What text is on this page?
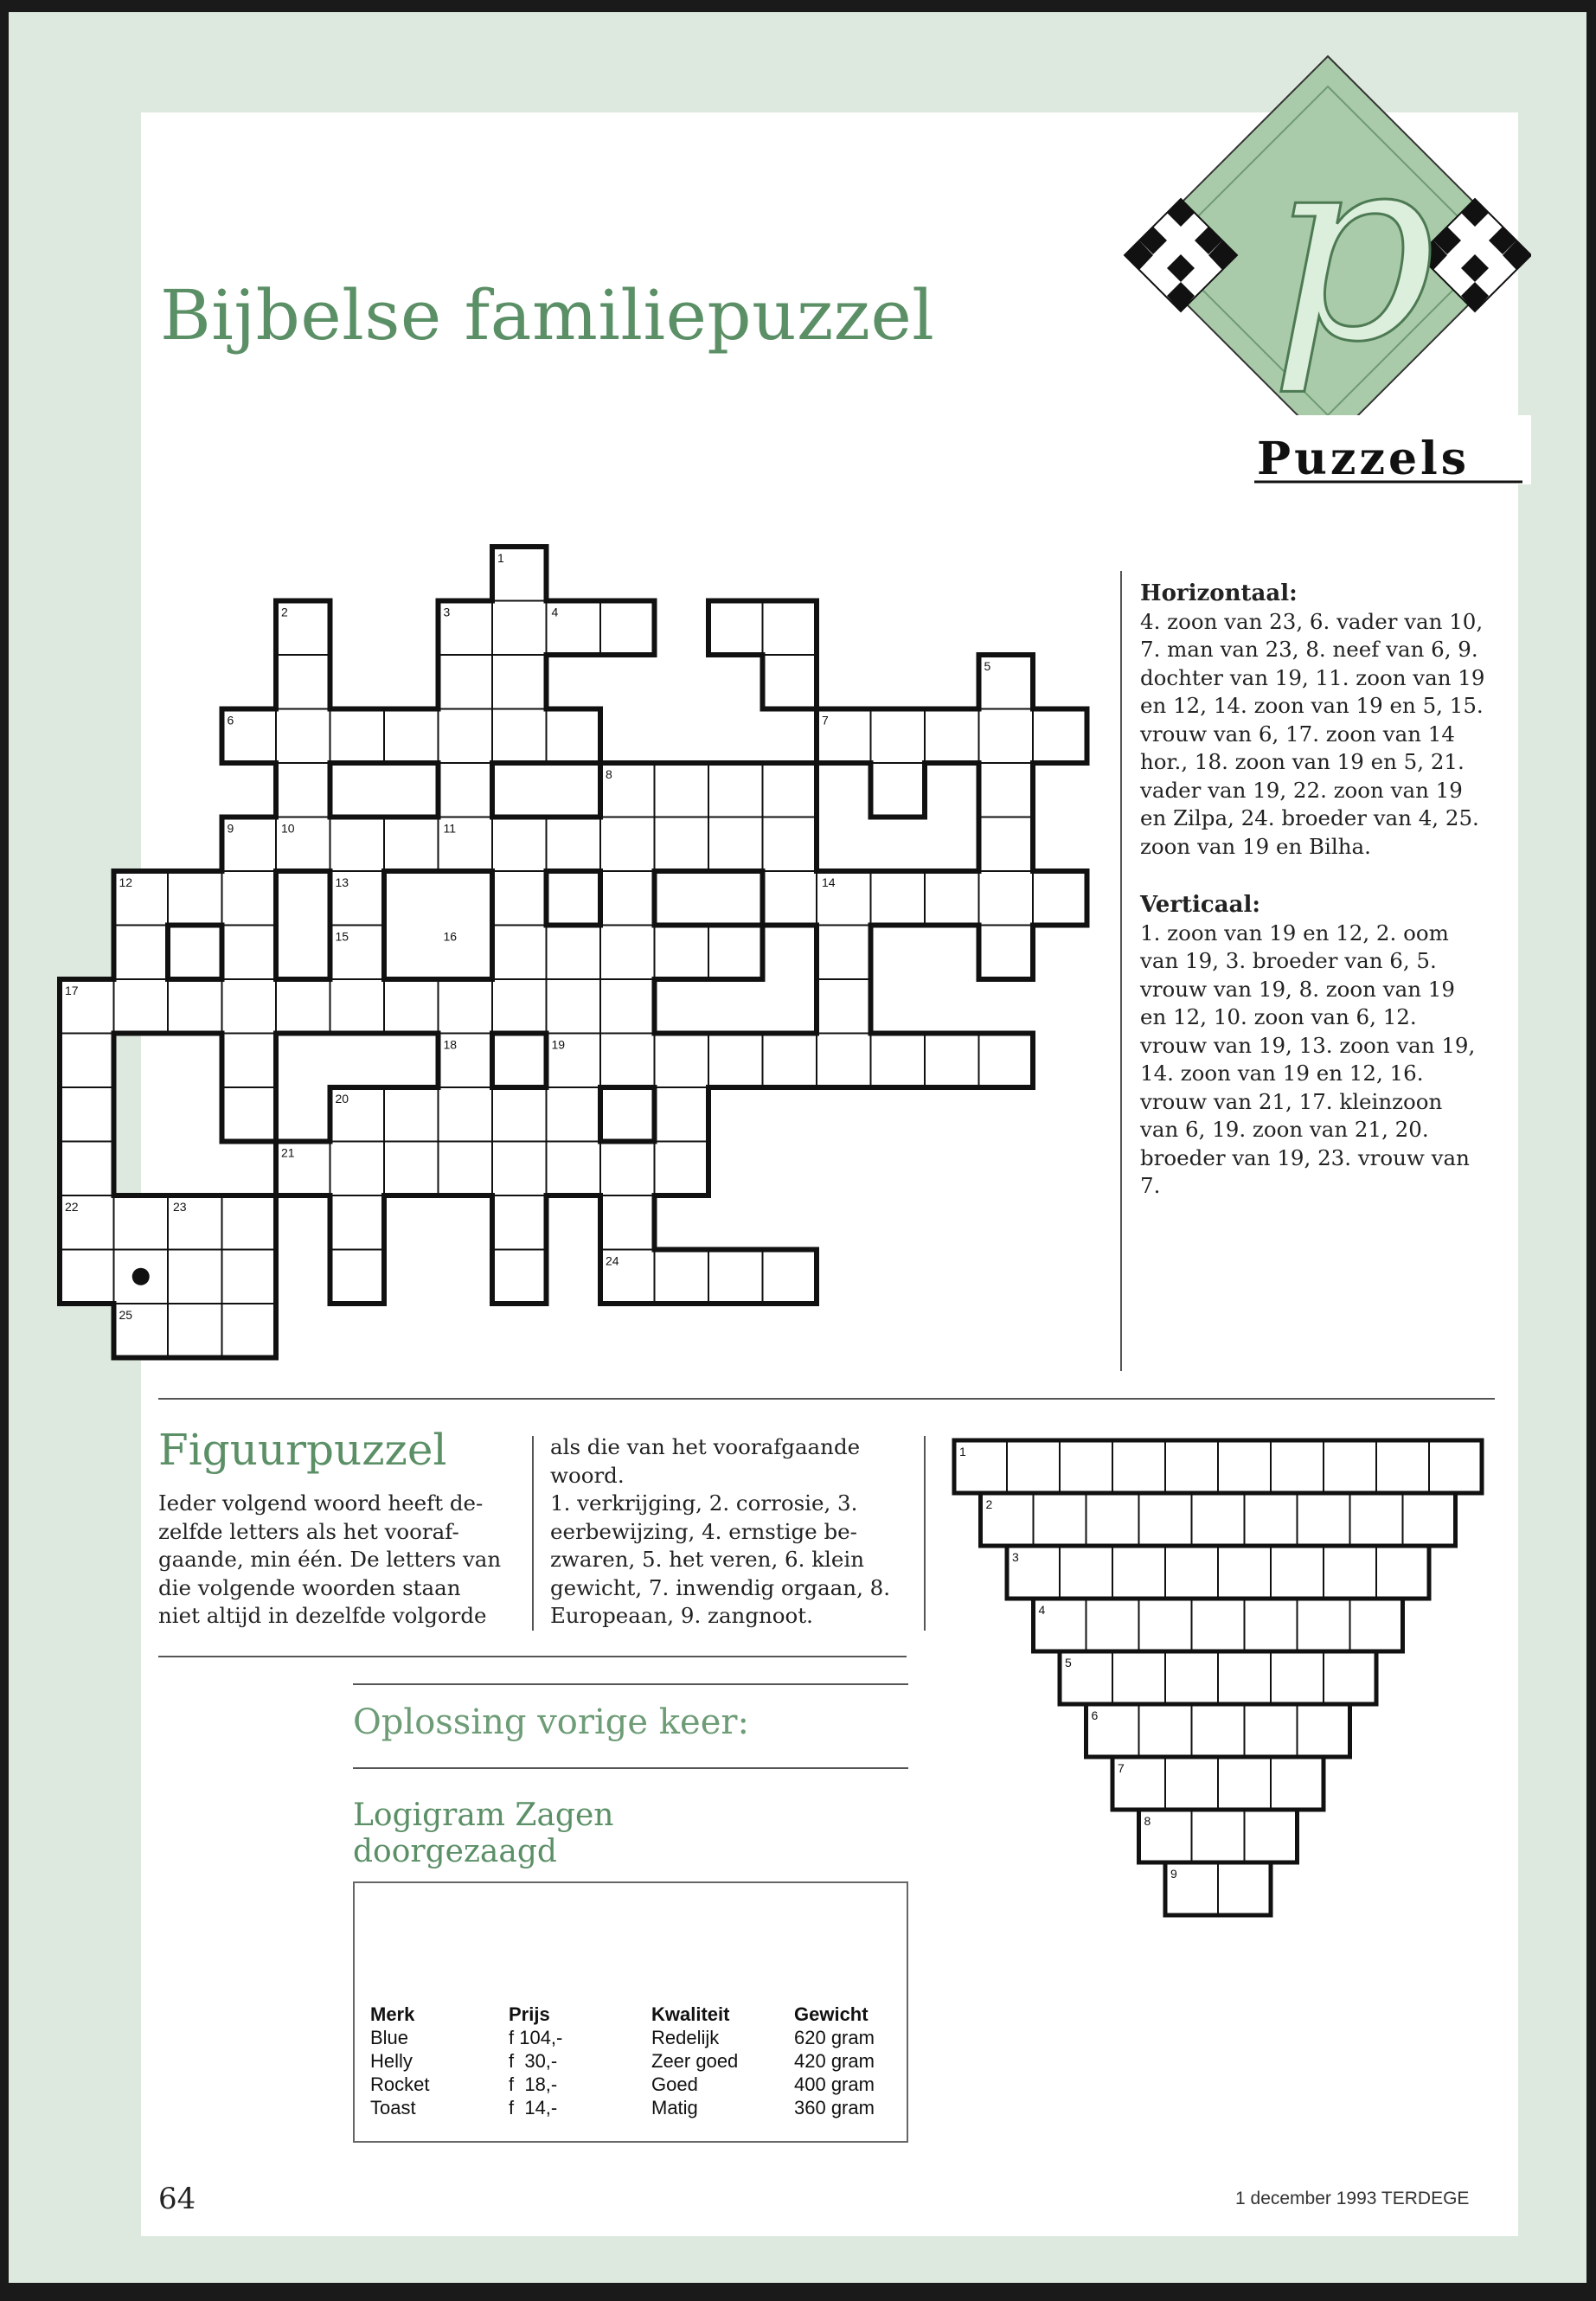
Bijbelse familiepuzzel p
Puzzels
1
2	3	4
5
6	7
8
9	10	11
12	13	14
15	16
17
18	19
20
21
22	23
24
25
1
2
3
4
5
6
7
8
9
Horizontaal:
4. zoon van 23, 6. vader van 10,
7. man van 23, 8. neef van 6, 9.
dochter van 19, 11. zoon van 19
en 12, 14. zoon van 19 en 5, 15.
vrouw van 6, 17. zoon van 14
hor., 18. zoon van 19 en 5, 21.
vader van 19, 22. zoon van 19
en Zilpa, 24. broeder van 4, 25.
zoon van 19 en Bilha.
Verticaal:
1. zoon van 19 en 12, 2. oom
van 19, 3. broeder van 6, 5.
vrouw van 19, 8. zoon van 19
en 12, 10. zoon van 6, 12.
vrouw van 19, 13. zoon van 19,
14. zoon van 19 en 12, 16.
vrouw van 21, 17. kleinzoon
van 6, 19. zoon van 21, 20.
broeder van 19, 23. vrouw van
7.
Figuurpuzzel
Ieder volgend woord heeft de-
zelfde letters als het vooraf-
gaande, min één. De letters van
die volgende woorden staan
niet altijd in dezelfde volgorde
als die van het voorafgaande
woord.
1. verkrijging, 2. corrosie, 3.
eerbewijzing, 4. ernstige be-
zwaren, 5. het veren, 6. klein
gewicht, 7. inwendig orgaan, 8.
Europeaan, 9. zangnoot.
Oplossing vorige keer:
Logigram Zagen
doorgezaagd
Merk	Prijs	Kwaliteit	Gewicht
Blue	f 104,-	Redelijk	620 gram
Helly	f  30,-	Zeer goed	420 gram
Rocket	f  18,-	Goed	400 gram
Toast	f  14,-	Matig	360 gram
64	1 december 1993 TERDEGE
